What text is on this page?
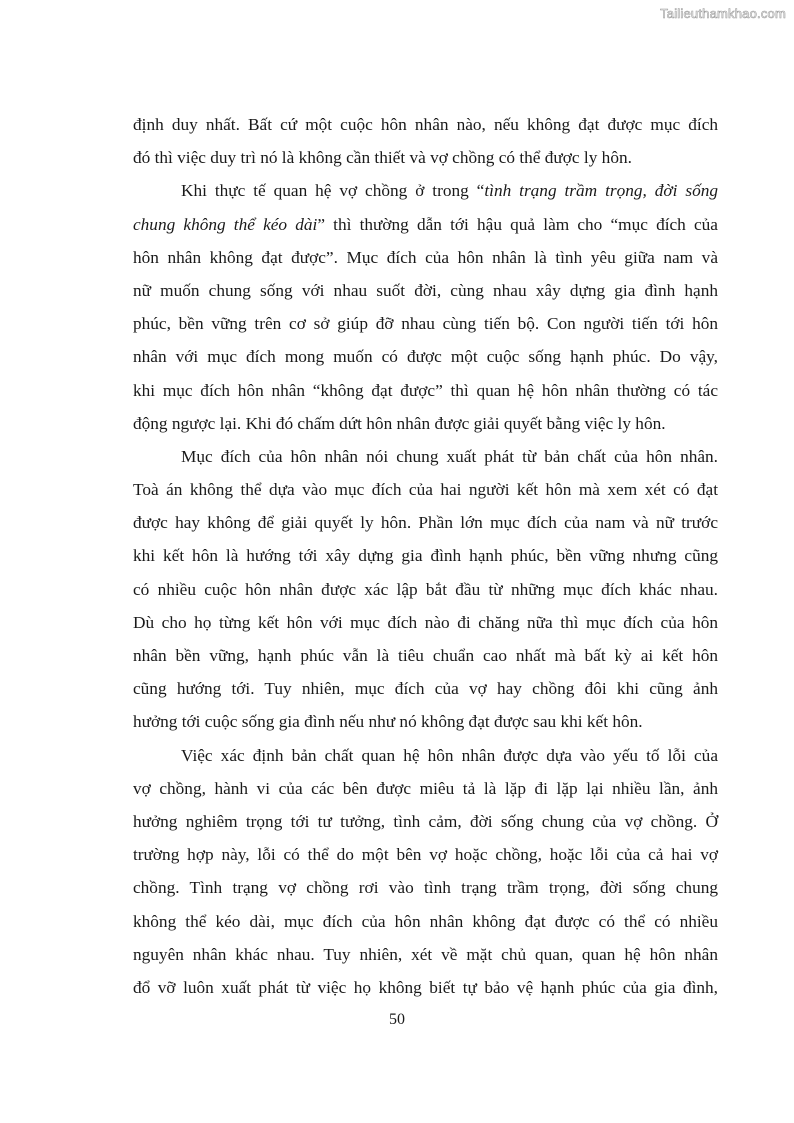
Tailieuthamkhao.com
định duy nhất. Bất cứ một cuộc hôn nhân nào, nếu không đạt được mục đích
đó thì việc duy trì nó là không cần thiết và vợ chồng có thể được ly hôn.
Khi thực tế quan hệ vợ chồng ở trong “tình trạng trầm trọng, đời sống
chung không thể kéo dài” thì thường dẫn tới hậu quả làm cho “mục đích của
hôn nhân không đạt được”. Mục đích của hôn nhân là tình yêu giữa nam và
nữ muốn chung sống với nhau suốt đời, cùng nhau xây dựng gia đình hạnh
phúc, bền vững trên cơ sở giúp đỡ nhau cùng tiến bộ. Con người tiến tới hôn
nhân với mục đích mong muốn có được một cuộc sống hạnh phúc. Do vậy,
khi mục đích hôn nhân “không đạt được” thì quan hệ hôn nhân thường có tác
động ngược lại. Khi đó chấm dứt hôn nhân được giải quyết bằng việc ly hôn.
Mục đích của hôn nhân nói chung xuất phát từ bản chất của hôn nhân.
Toà án không thể dựa vào mục đích của hai người kết hôn mà xem xét có đạt
được hay không để giải quyết ly hôn. Phần lớn mục đích của nam và nữ trước
khi kết hôn là hướng tới xây dựng gia đình hạnh phúc, bền vững nhưng cũng
có nhiều cuộc hôn nhân được xác lập bắt đầu từ những mục đích khác nhau.
Dù cho họ từng kết hôn với mục đích nào đi chăng nữa thì mục đích của hôn
nhân bền vững, hạnh phúc vẫn là tiêu chuẩn cao nhất mà bất kỳ ai kết hôn
cũng hướng tới. Tuy nhiên, mục đích của vợ hay chồng đôi khi cũng ảnh
hưởng tới cuộc sống gia đình nếu như nó không đạt được sau khi kết hôn.
Việc xác định bản chất quan hệ hôn nhân được dựa vào yếu tố lỗi của
vợ chồng, hành vi của các bên được miêu tả là lặp đi lặp lại nhiều lần, ảnh
hưởng nghiêm trọng tới tư tưởng, tình cảm, đời sống chung của vợ chồng. Ở
trường hợp này, lỗi có thể do một bên vợ hoặc chồng, hoặc lỗi của cả hai vợ
chồng. Tình trạng vợ chồng rơi vào tình trạng trầm trọng, đời sống chung
không thể kéo dài, mục đích của hôn nhân không đạt được có thể có nhiều
nguyên nhân khác nhau. Tuy nhiên, xét về mặt chủ quan, quan hệ hôn nhân
đổ vỡ luôn xuất phát từ việc họ không biết tự bảo vệ hạnh phúc của gia đình,
50
